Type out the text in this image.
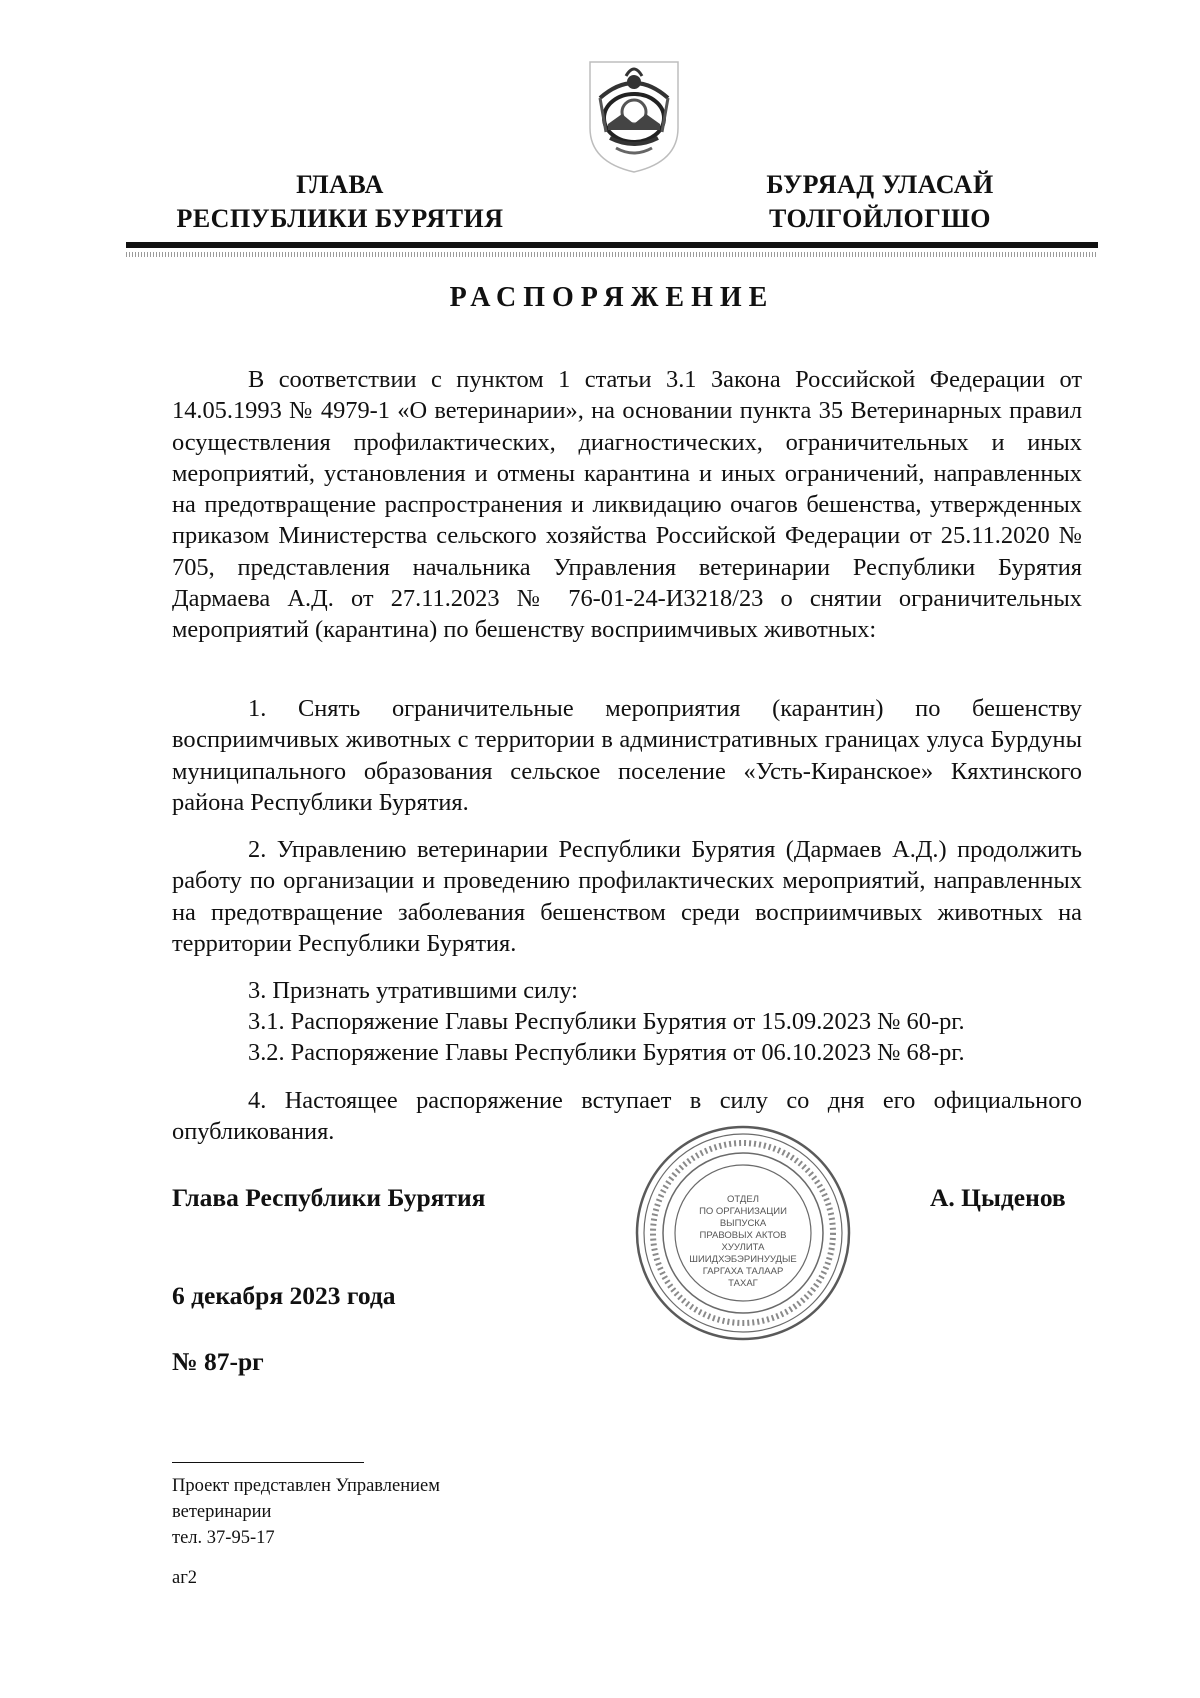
ГЛАВА
РЕСПУБЛИКИ БУРЯТИЯ
БУРЯАД УЛАСАЙ
ТОЛГОЙЛОГШО
РАСПОРЯЖЕНИЕ
В соответствии с пунктом 1 статьи 3.1 Закона Российской Федерации от 14.05.1993 № 4979-1 «О ветеринарии», на основании пункта 35 Ветеринарных правил осуществления профилактических, диагностических, ограничительных и иных мероприятий, установления и отмены карантина и иных ограничений, направленных на предотвращение распространения и ликвидацию очагов бешенства, утвержденных приказом Министерства сельского хозяйства Российской Федерации от 25.11.2020 № 705, представления начальника Управления ветеринарии Республики Бурятия Дармаева А.Д. от 27.11.2023 № 76-01-24-И3218/23 о снятии ограничительных мероприятий (карантина) по бешенству восприимчивых животных:
1. Снять ограничительные мероприятия (карантин) по бешенству восприимчивых животных с территории в административных границах улуса Бурдуны муниципального образования сельское поселение «Усть-Киранское» Кяхтинского района Республики Бурятия.
2. Управлению ветеринарии Республики Бурятия (Дармаев А.Д.) продолжить работу по организации и проведению профилактических мероприятий, направленных на предотвращение заболевания бешенством среди восприимчивых животных на территории Республики Бурятия.
3. Признать утратившими силу:
3.1. Распоряжение Главы Республики Бурятия от 15.09.2023 № 60-рг.
3.2. Распоряжение Главы Республики Бурятия от 06.10.2023 № 68-рг.
4. Настоящее распоряжение вступает в силу со дня его официального опубликования.
ОТДЕЛ
ПО ОРГАНИЗАЦИИ
ВЫПУСКА
ПРАВОВЫХ АКТОВ
ХУУЛИТА
ШИИДХЭБЭРИНУУДЫЕ
ГАРГАХА ТАЛААР
ТАХАГ
Глава Республики Бурятия	А. Цыденов
6 декабря 2023 года
№ 87-рг
Проект представлен Управлением
ветеринарии
тел. 37-95-17
аг2
